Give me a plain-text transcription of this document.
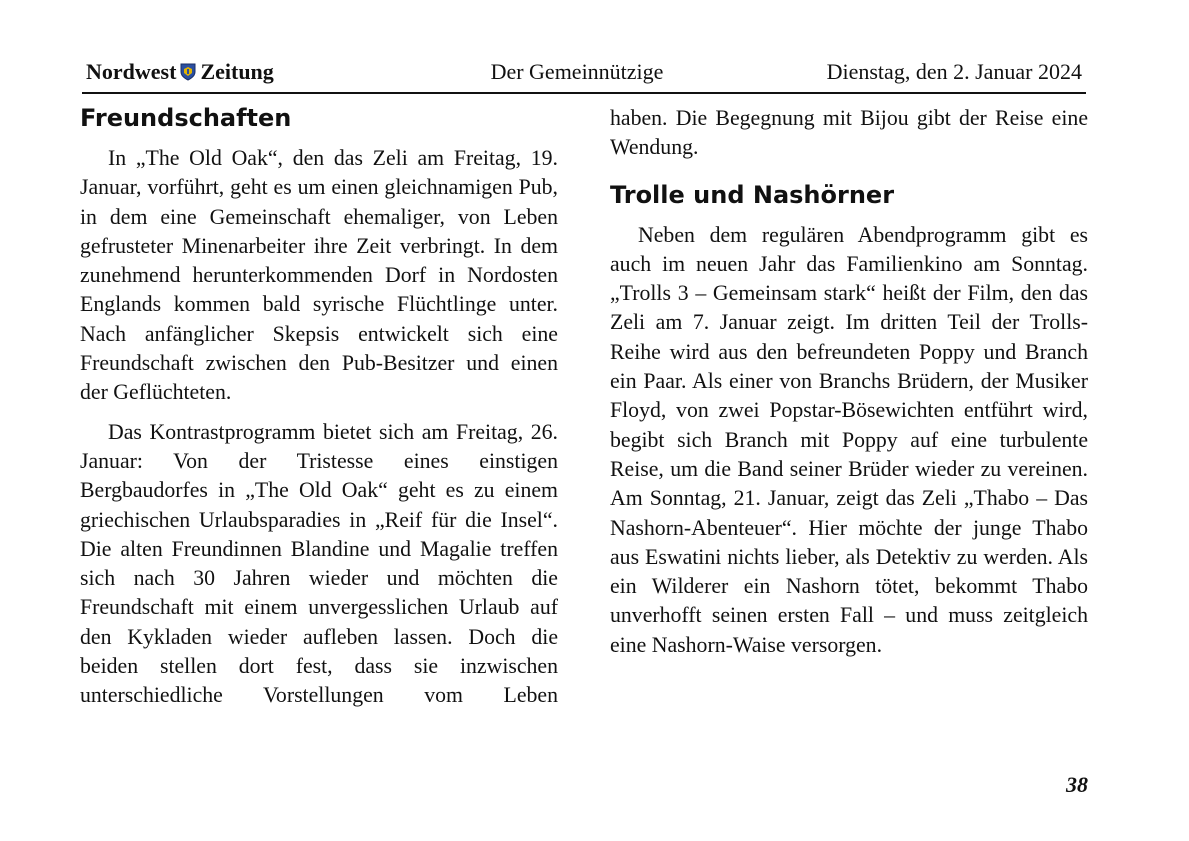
Nordwest Zeitung	Der Gemeinnützige	Dienstag, den 2. Januar 2024
Freundschaften

In „The Old Oak“, den das Zeli am Freitag, 19. Januar, vorführt, geht es um einen gleichnamigen Pub, in dem eine Gemeinschaft ehemaliger, von Leben gefrusteter Minenarbeiter ihre Zeit verbringt. In dem zunehmend herunterkommenden Dorf in Nordosten Englands kommen bald syrische Flüchtlinge unter. Nach anfänglicher Skepsis entwickelt sich eine Freundschaft zwischen den Pub-Besitzer und einen der Geflüchteten.

Das Kontrastprogramm bietet sich am Freitag, 26. Januar: Von der Tristesse eines einstigen Bergbaudorfes in „The Old Oak“ geht es zu einem griechischen Urlaubsparadies in „Reif für die Insel“. Die alten Freundinnen Blandine und Magalie treffen sich nach 30 Jahren wieder und möchten die Freundschaft mit einem unvergesslichen Urlaub auf den Kykladen wieder aufleben lassen. Doch die beiden stellen dort fest, dass sie inzwischen unterschiedliche Vorstellungen vom Leben

haben. Die Begegnung mit Bijou gibt der Reise eine Wendung.

Trolle und Nashörner

Neben dem regulären Abendprogramm gibt es auch im neuen Jahr das Familienkino am Sonntag. „Trolls 3 – Gemeinsam stark“ heißt der Film, den das Zeli am 7. Januar zeigt. Im dritten Teil der Trolls-Reihe wird aus den befreundeten Poppy und Branch ein Paar. Als einer von Branchs Brüdern, der Musiker Floyd, von zwei Popstar-Bösewichten entführt wird, begibt sich Branch mit Poppy auf eine turbulente Reise, um die Band seiner Brüder wieder zu vereinen. Am Sonntag, 21. Januar, zeigt das Zeli „Thabo – Das Nashorn-Abenteuer“. Hier möchte der junge Thabo aus Eswatini nichts lieber, als Detektiv zu werden. Als ein Wilderer ein Nashorn tötet, bekommt Thabo unverhofft seinen ersten Fall – und muss zeitgleich eine Nashorn-Waise versorgen.

38
